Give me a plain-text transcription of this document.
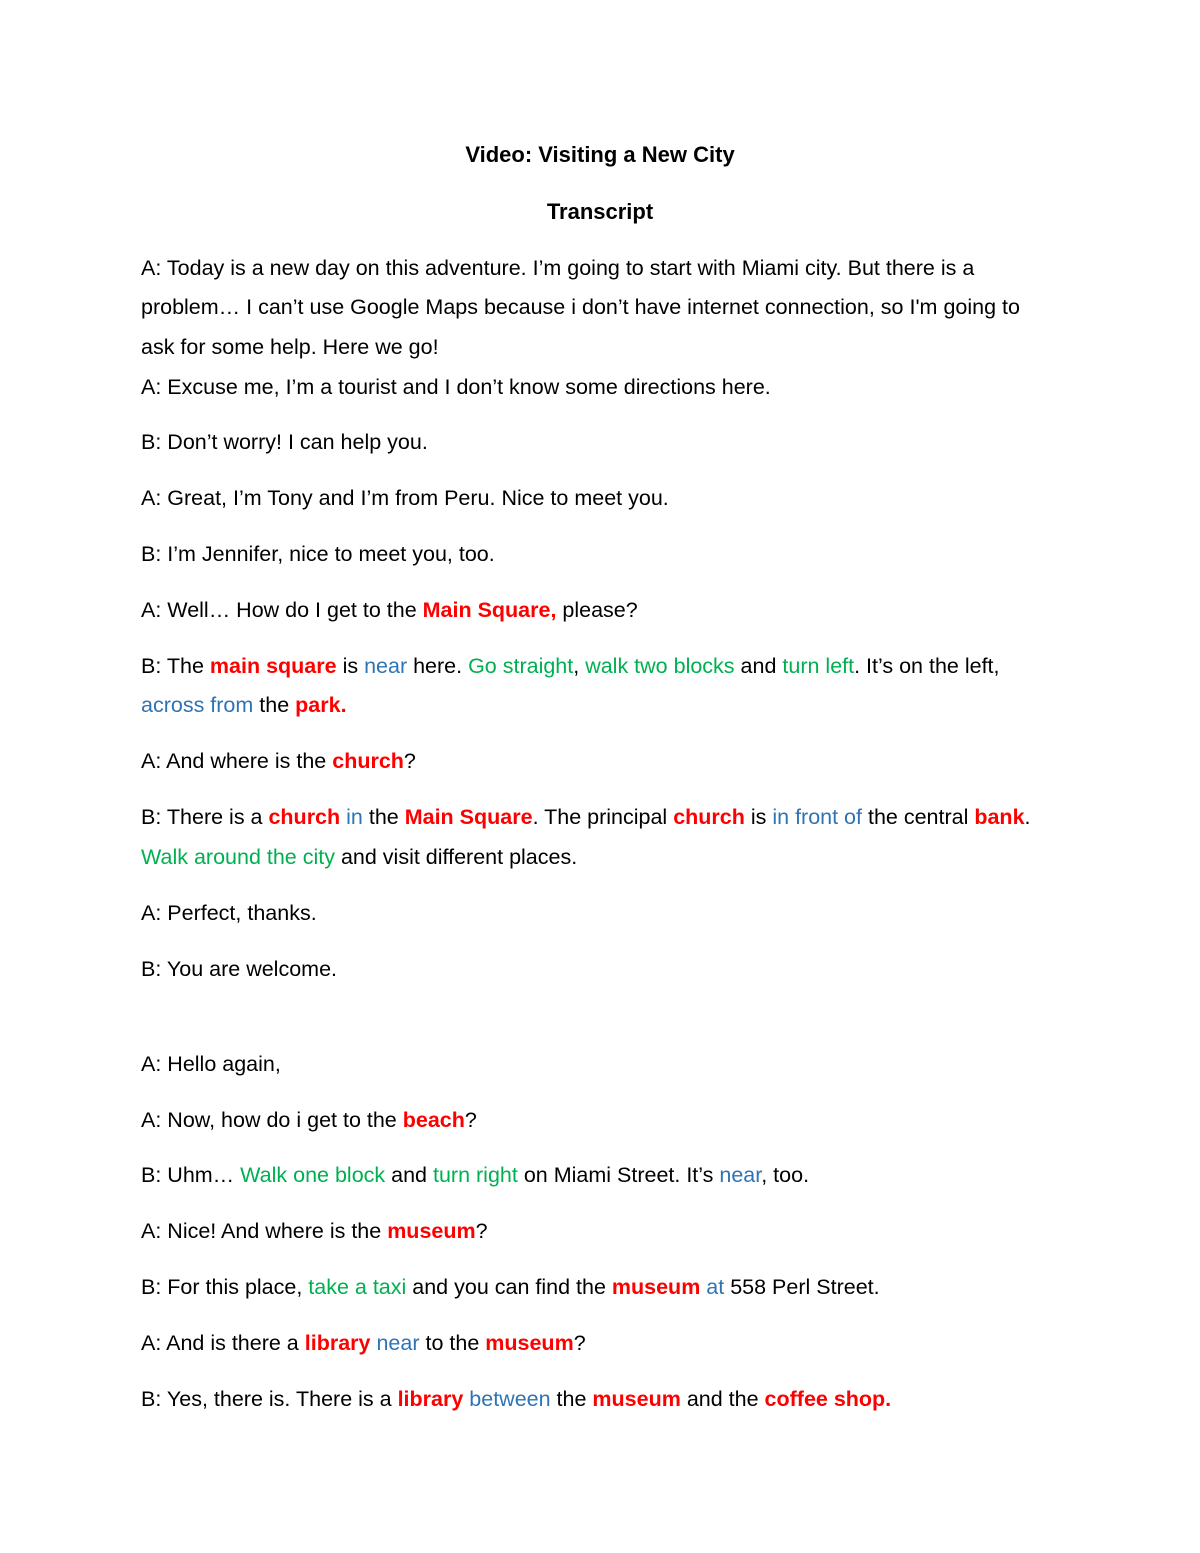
Video: Visiting a New City
Transcript
A: Today is a new day on this adventure. I’m going to start with Miami city. But there is a
problem… I can’t use Google Maps because i don’t have internet connection, so I'm going to
ask for some help. Here we go!
A: Excuse me, I’m a tourist and I don’t know some directions here.
B: Don’t worry! I can help you.
A: Great, I’m Tony and I’m from Peru. Nice to meet you.
B: I’m Jennifer, nice to meet you, too.
A: Well… How do I get to the Main Square, please?
B: The main square is near here. Go straight, walk two blocks and turn left. It’s on the left,
across from the park.
A: And where is the church?
B: There is a church in the Main Square. The principal church is in front of the central bank.
Walk around the city and visit different places.
A: Perfect, thanks.
B: You are welcome.
A: Hello again,
A: Now, how do i get to the beach?
B: Uhm… Walk one block and turn right on Miami Street. It’s near, too.
A: Nice! And where is the museum?
B: For this place, take a taxi and you can find the museum at 558 Perl Street.
A: And is there a library near to the museum?
B: Yes, there is. There is a library between the museum and the coffee shop.
